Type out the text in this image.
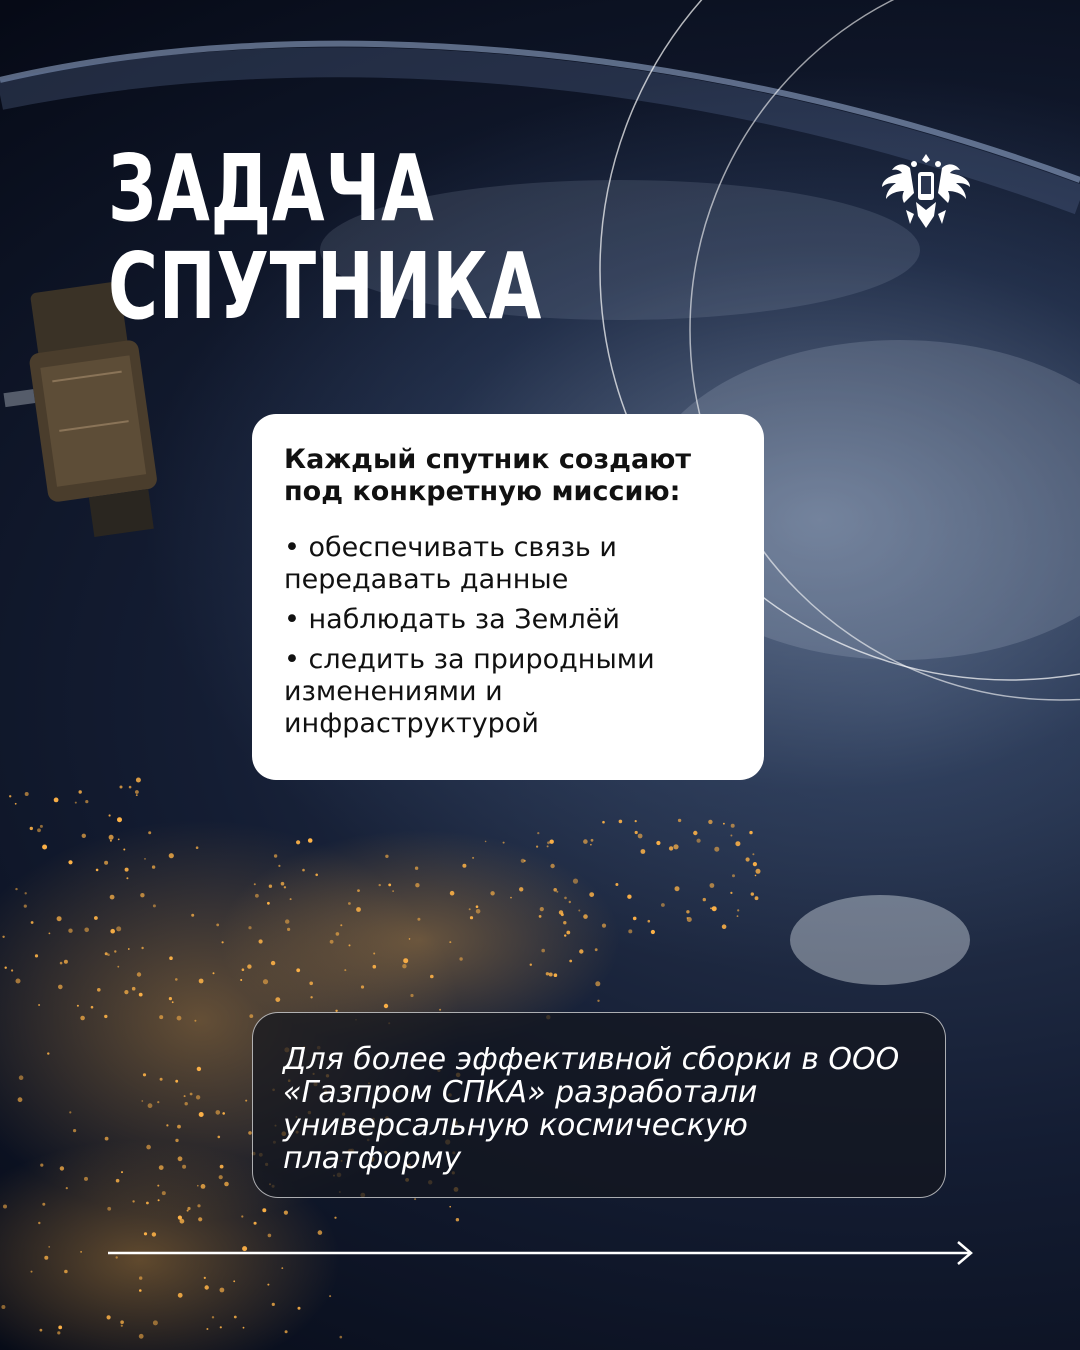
ЗАДАЧА
СПУТНИКА

Каждый спутник создают под конкретную миссию:

• обеспечивать связь и передавать данные
• наблюдать за Землёй
• следить за природными изменениями и инфраструктурой
Для более эффективной сборки в ООО «Газпром СПКА» разработали универсальную космическую платформу
